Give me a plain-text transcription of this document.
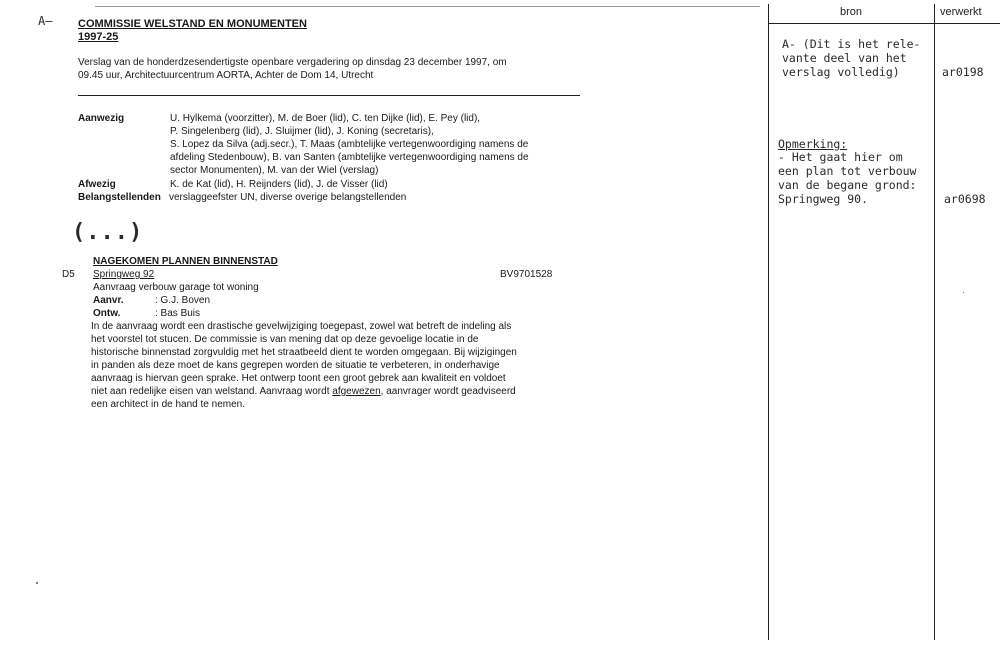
A– COMMISSIE WELSTAND EN MONUMENTEN
1997-25
Verslag van de honderdzesendertigste openbare vergadering op dinsdag 23 december 1997, om
09.45 uur, Architectuurcentrum AORTA, Achter de Dom 14, Utrecht
Aanwezig	U. Hylkema (voorzitter), M. de Boer (lid), C. ten Dijke (lid), E. Pey (lid),
P. Singelenberg (lid), J. Sluijmer (lid), J. Koning (secretaris),
S. Lopez da Silva (adj.secr.), T. Maas (ambtelijke vertegenwoordiging namens de
afdeling Stedenbouw), B. van Santen (ambtelijke vertegenwoordiging namens de
sector Monumenten), M. van der Wiel (verslag)
Afwezig	K. de Kat (lid), H. Reijnders (lid), J. de Visser (lid)
Belangstellenden verslaggeefster UN, diverse overige belangstellenden
(...)
NAGEKOMEN PLANNEN BINNENSTAD
D5 Springweg 92	BV9701528
Aanvraag verbouw garage tot woning
Aanvr.	: G.J. Boven
Ontw.	: Bas Buis
In de aanvraag wordt een drastische gevelwijziging toegepast, zowel wat betreft de indeling als
het voorstel tot stucen. De commissie is van mening dat op deze gevoelige locatie in de
historische binnenstad zorgvuldig met het straatbeeld dient te worden omgegaan. Bij wijzigingen
in panden als deze moet de kans gegrepen worden de situatie te verbeteren, in onderhavige
aanvraag is hiervan geen sprake. Het ontwerp toont een groot gebrek aan kwaliteit en voldoet
niet aan redelijke eisen van welstand. Aanvraag wordt afgewezen, aanvrager wordt geadviseerd
een architect in de hand te nemen.
bron	verwerkt
A- (Dit is het rele-
vante deel van het
verslag volledig)	ar0198
Opmerking:
- Het gaat hier om
een plan tot verbouw
van de begane grond:
Springweg 90.	ar0698
